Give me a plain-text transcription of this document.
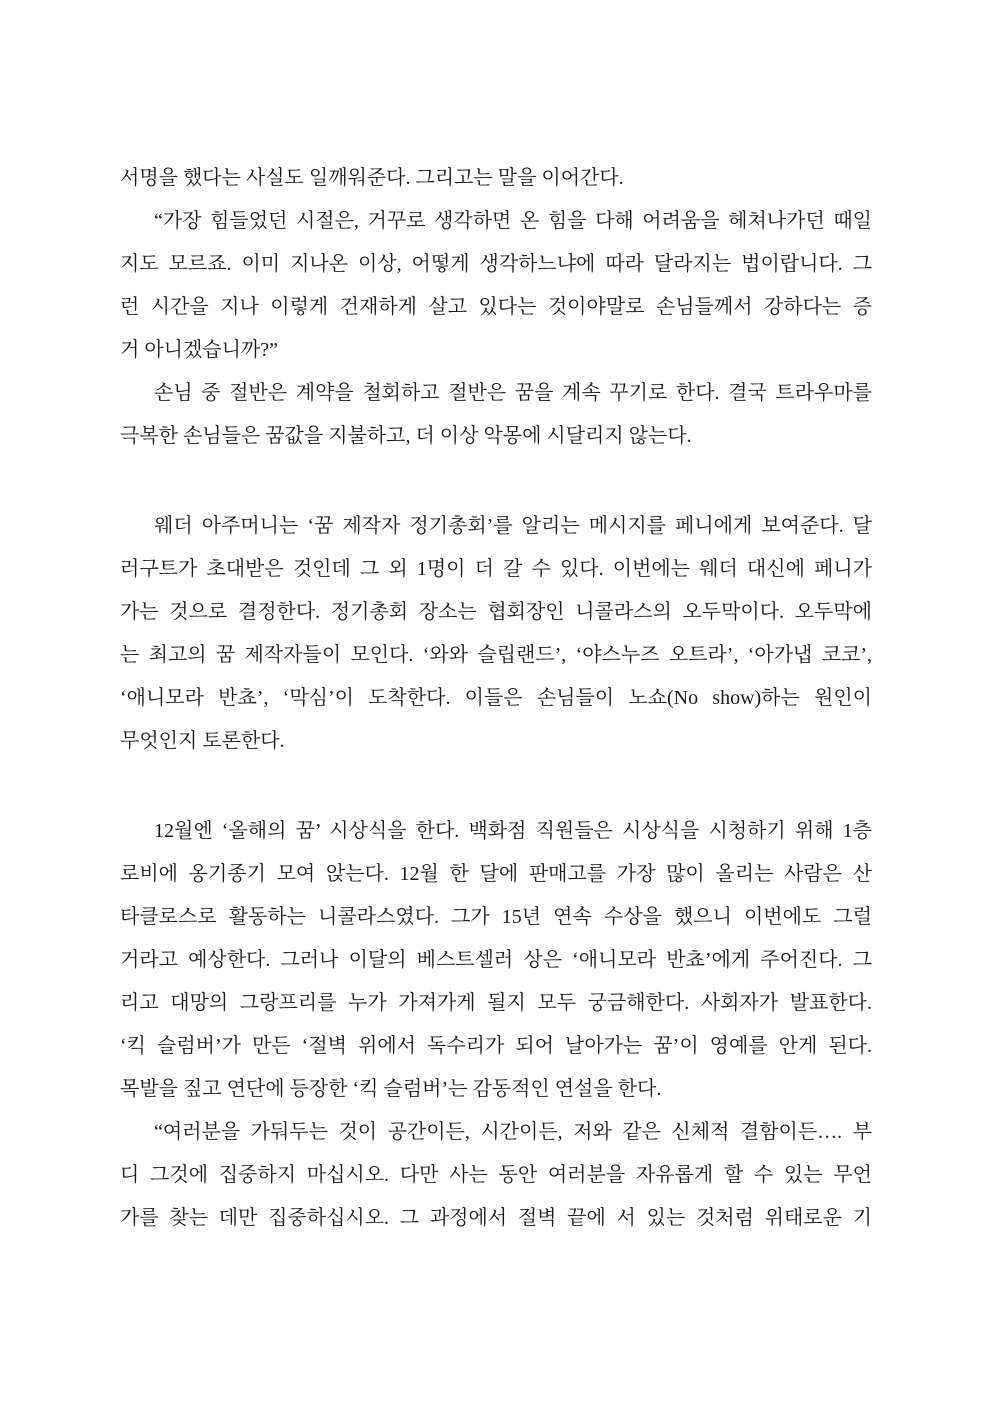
서명을 했다는 사실도 일깨워준다. 그리고는 말을 이어간다.
“가장 힘들었던 시절은, 거꾸로 생각하면 온 힘을 다해 어려움을 헤쳐나가던 때일
지도 모르죠. 이미 지나온 이상, 어떻게 생각하느냐에 따라 달라지는 법이랍니다. 그
런 시간을 지나 이렇게 건재하게 살고 있다는 것이야말로 손님들께서 강하다는 증
거 아니겠습니까?”
손님 중 절반은 계약을 철회하고 절반은 꿈을 계속 꾸기로 한다. 결국 트라우마를
극복한 손님들은 꿈값을 지불하고, 더 이상 악몽에 시달리지 않는다.
웨더 아주머니는 ‘꿈 제작자 정기총회’를 알리는 메시지를 페니에게 보여준다. 달
러구트가 초대받은 것인데 그 외 1명이 더 갈 수 있다. 이번에는 웨더 대신에 페니가
가는 것으로 결정한다. 정기총회 장소는 협회장인 니콜라스의 오두막이다. 오두막에
는 최고의 꿈 제작자들이 모인다. ‘와와 슬립랜드’, ‘야스누즈 오트라’, ‘아가냅 코코’,
‘애니모라 반쵸’, ‘막심’이 도착한다. 이들은 손님들이 노쇼(No show)하는 원인이
무엇인지 토론한다.
12월엔 ‘올해의 꿈’ 시상식을 한다. 백화점 직원들은 시상식을 시청하기 위해 1층
로비에 옹기종기 모여 앉는다. 12월 한 달에 판매고를 가장 많이 올리는 사람은 산
타클로스로 활동하는 니콜라스였다. 그가 15년 연속 수상을 했으니 이번에도 그럴
거라고 예상한다. 그러나 이달의 베스트셀러 상은 ‘애니모라 반쵸’에게 주어진다. 그
리고 대망의 그랑프리를 누가 가져가게 될지 모두 궁금해한다. 사회자가 발표한다.
‘킥 슬럼버’가 만든 ‘절벽 위에서 독수리가 되어 날아가는 꿈’이 영예를 안게 된다.
목발을 짚고 연단에 등장한 ‘킥 슬럼버’는 감동적인 연설을 한다.
“여러분을 가둬두는 것이 공간이든, 시간이든, 저와 같은 신체적 결함이든…. 부
디 그것에 집중하지 마십시오. 다만 사는 동안 여러분을 자유롭게 할 수 있는 무언
가를 찾는 데만 집중하십시오. 그 과정에서 절벽 끝에 서 있는 것처럼 위태로운 기
